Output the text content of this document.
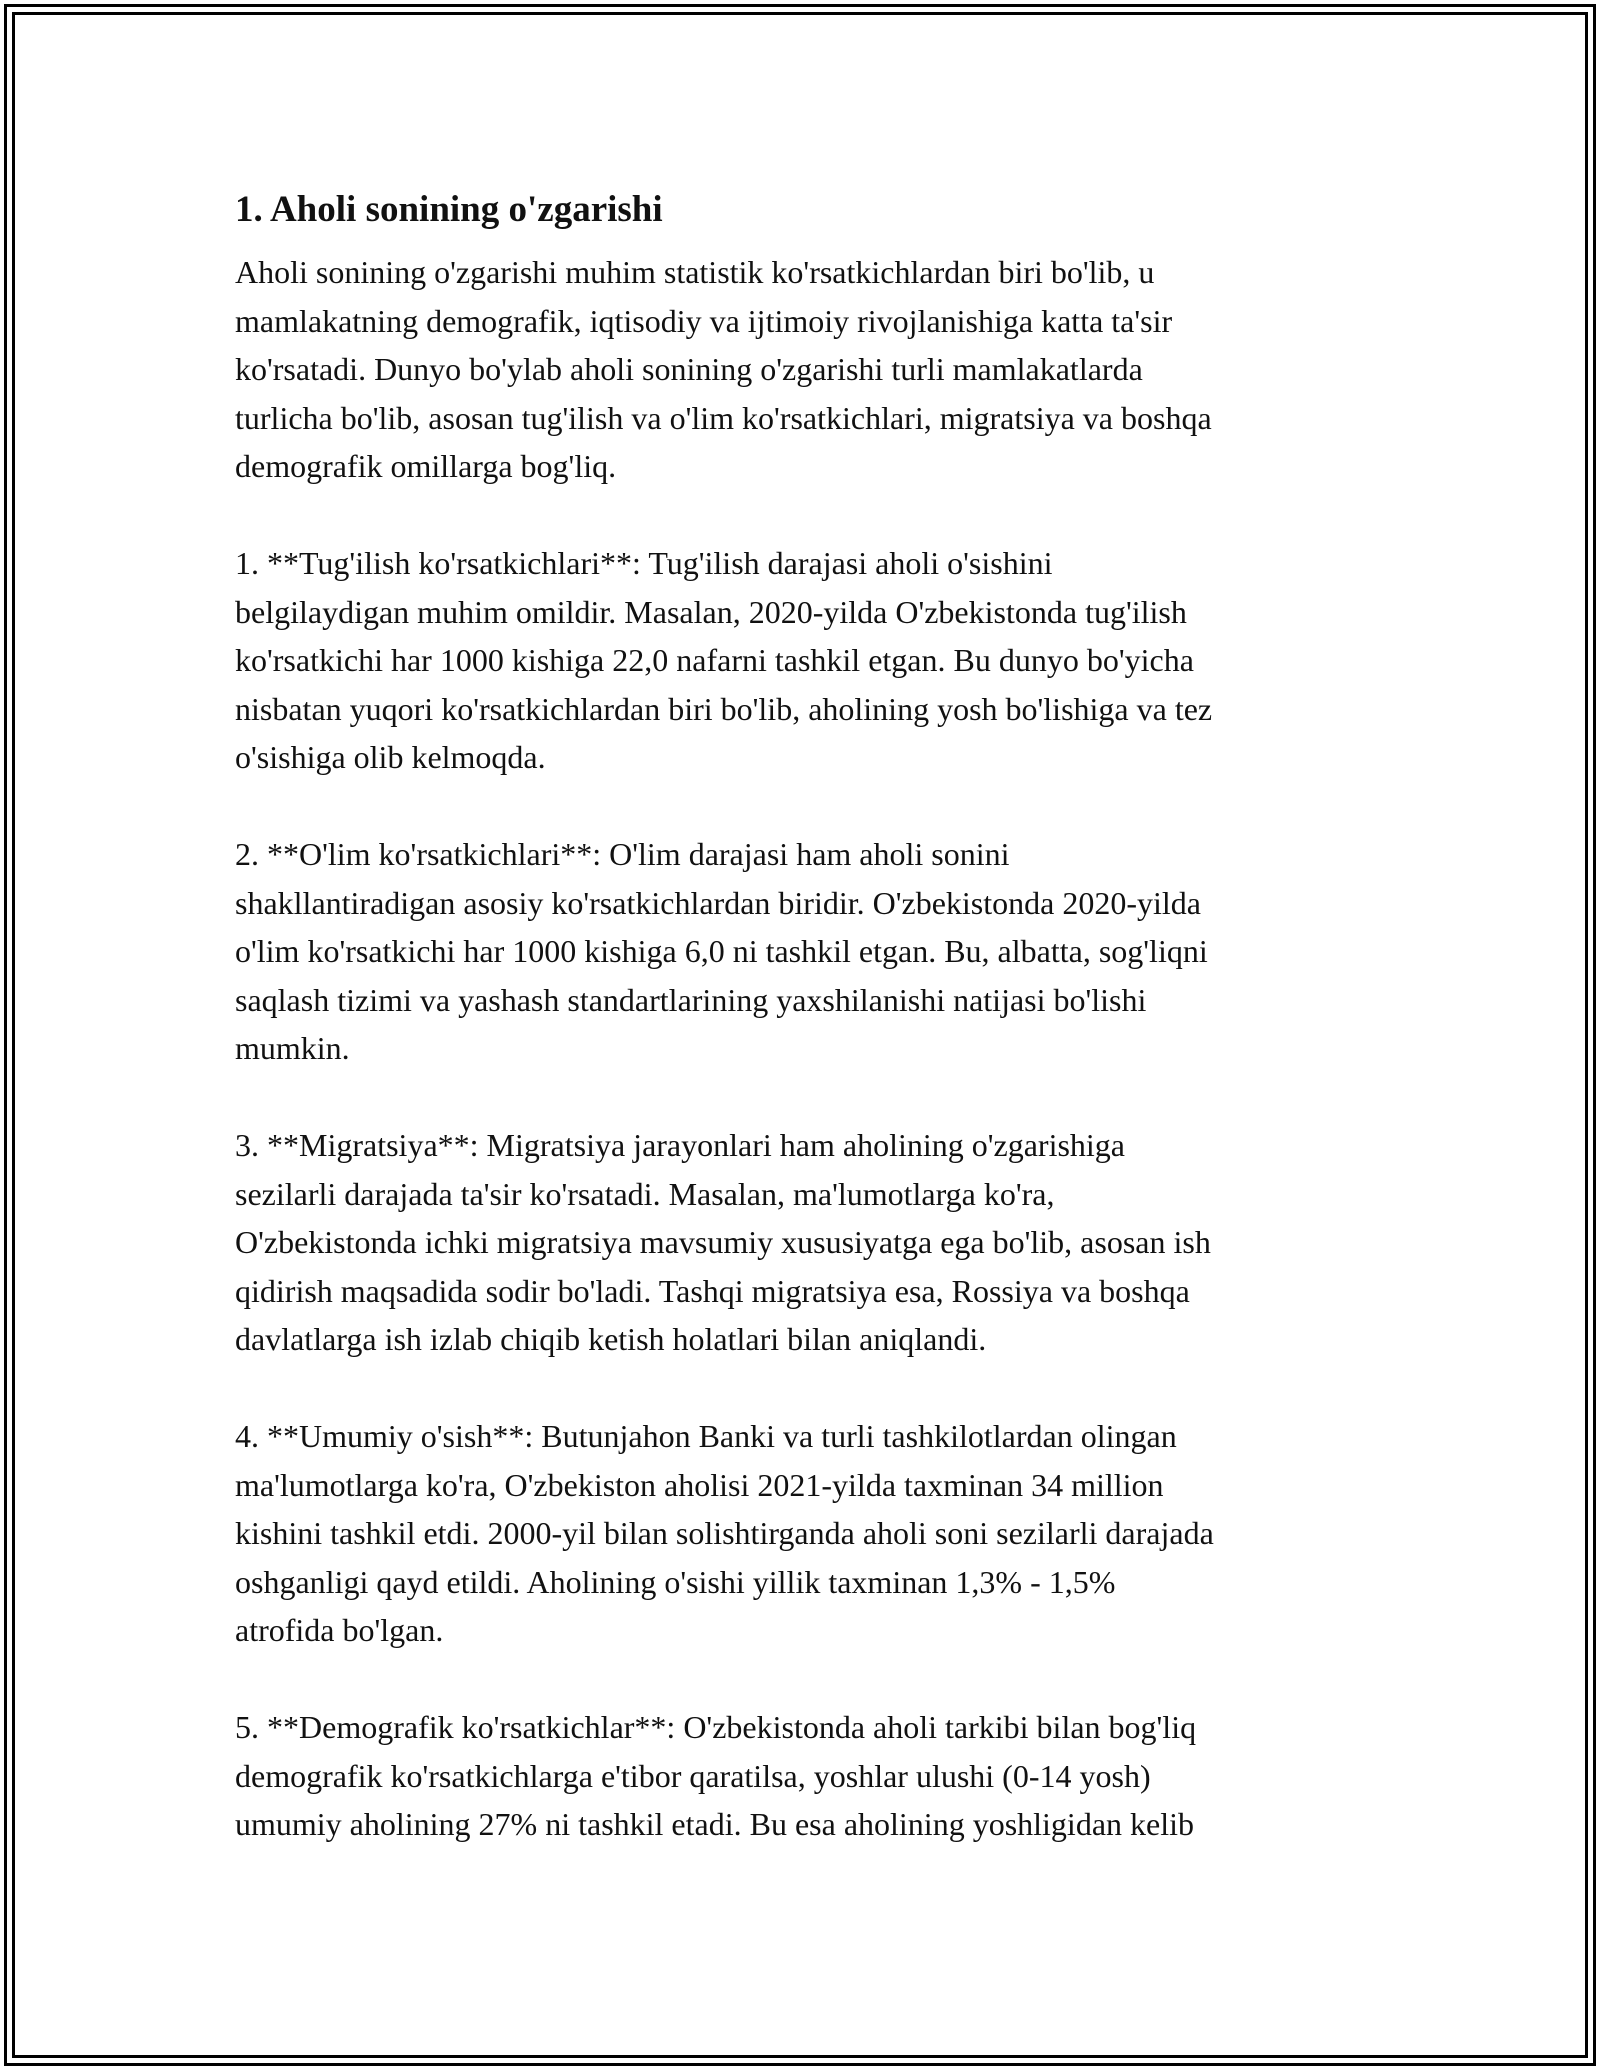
1. Aholi sonining o'zgarishi

Aholi sonining o'zgarishi muhim statistik ko'rsatkichlardan biri bo'lib, u
mamlakatning demografik, iqtisodiy va ijtimoiy rivojlanishiga katta ta'sir
ko'rsatadi. Dunyo bo'ylab aholi sonining o'zgarishi turli mamlakatlarda
turlicha bo'lib, asosan tug'ilish va o'lim ko'rsatkichlari, migratsiya va boshqa
demografik omillarga bog'liq.

1. **Tug'ilish ko'rsatkichlari**: Tug'ilish darajasi aholi o'sishini
belgilaydigan muhim omildir. Masalan, 2020-yilda O'zbekistonda tug'ilish
ko'rsatkichi har 1000 kishiga 22,0 nafarni tashkil etgan. Bu dunyo bo'yicha
nisbatan yuqori ko'rsatkichlardan biri bo'lib, aholining yosh bo'lishiga va tez
o'sishiga olib kelmoqda.

2. **O'lim ko'rsatkichlari**: O'lim darajasi ham aholi sonini
shakllantiradigan asosiy ko'rsatkichlardan biridir. O'zbekistonda 2020-yilda
o'lim ko'rsatkichi har 1000 kishiga 6,0 ni tashkil etgan. Bu, albatta, sog'liqni
saqlash tizimi va yashash standartlarining yaxshilanishi natijasi bo'lishi
mumkin.

3. **Migratsiya**: Migratsiya jarayonlari ham aholining o'zgarishiga
sezilarli darajada ta'sir ko'rsatadi. Masalan, ma'lumotlarga ko'ra,
O'zbekistonda ichki migratsiya mavsumiy xususiyatga ega bo'lib, asosan ish
qidirish maqsadida sodir bo'ladi. Tashqi migratsiya esa, Rossiya va boshqa
davlatlarga ish izlab chiqib ketish holatlari bilan aniqlandi.

4. **Umumiy o'sish**: Butunjahon Banki va turli tashkilotlardan olingan
ma'lumotlarga ko'ra, O'zbekiston aholisi 2021-yilda taxminan 34 million
kishini tashkil etdi. 2000-yil bilan solishtirganda aholi soni sezilarli darajada
oshganligi qayd etildi. Aholining o'sishi yillik taxminan 1,3% - 1,5%
atrofida bo'lgan.

5. **Demografik ko'rsatkichlar**: O'zbekistonda aholi tarkibi bilan bog'liq
demografik ko'rsatkichlarga e'tibor qaratilsa, yoshlar ulushi (0-14 yosh)
umumiy aholining 27% ni tashkil etadi. Bu esa aholining yoshligidan kelib
